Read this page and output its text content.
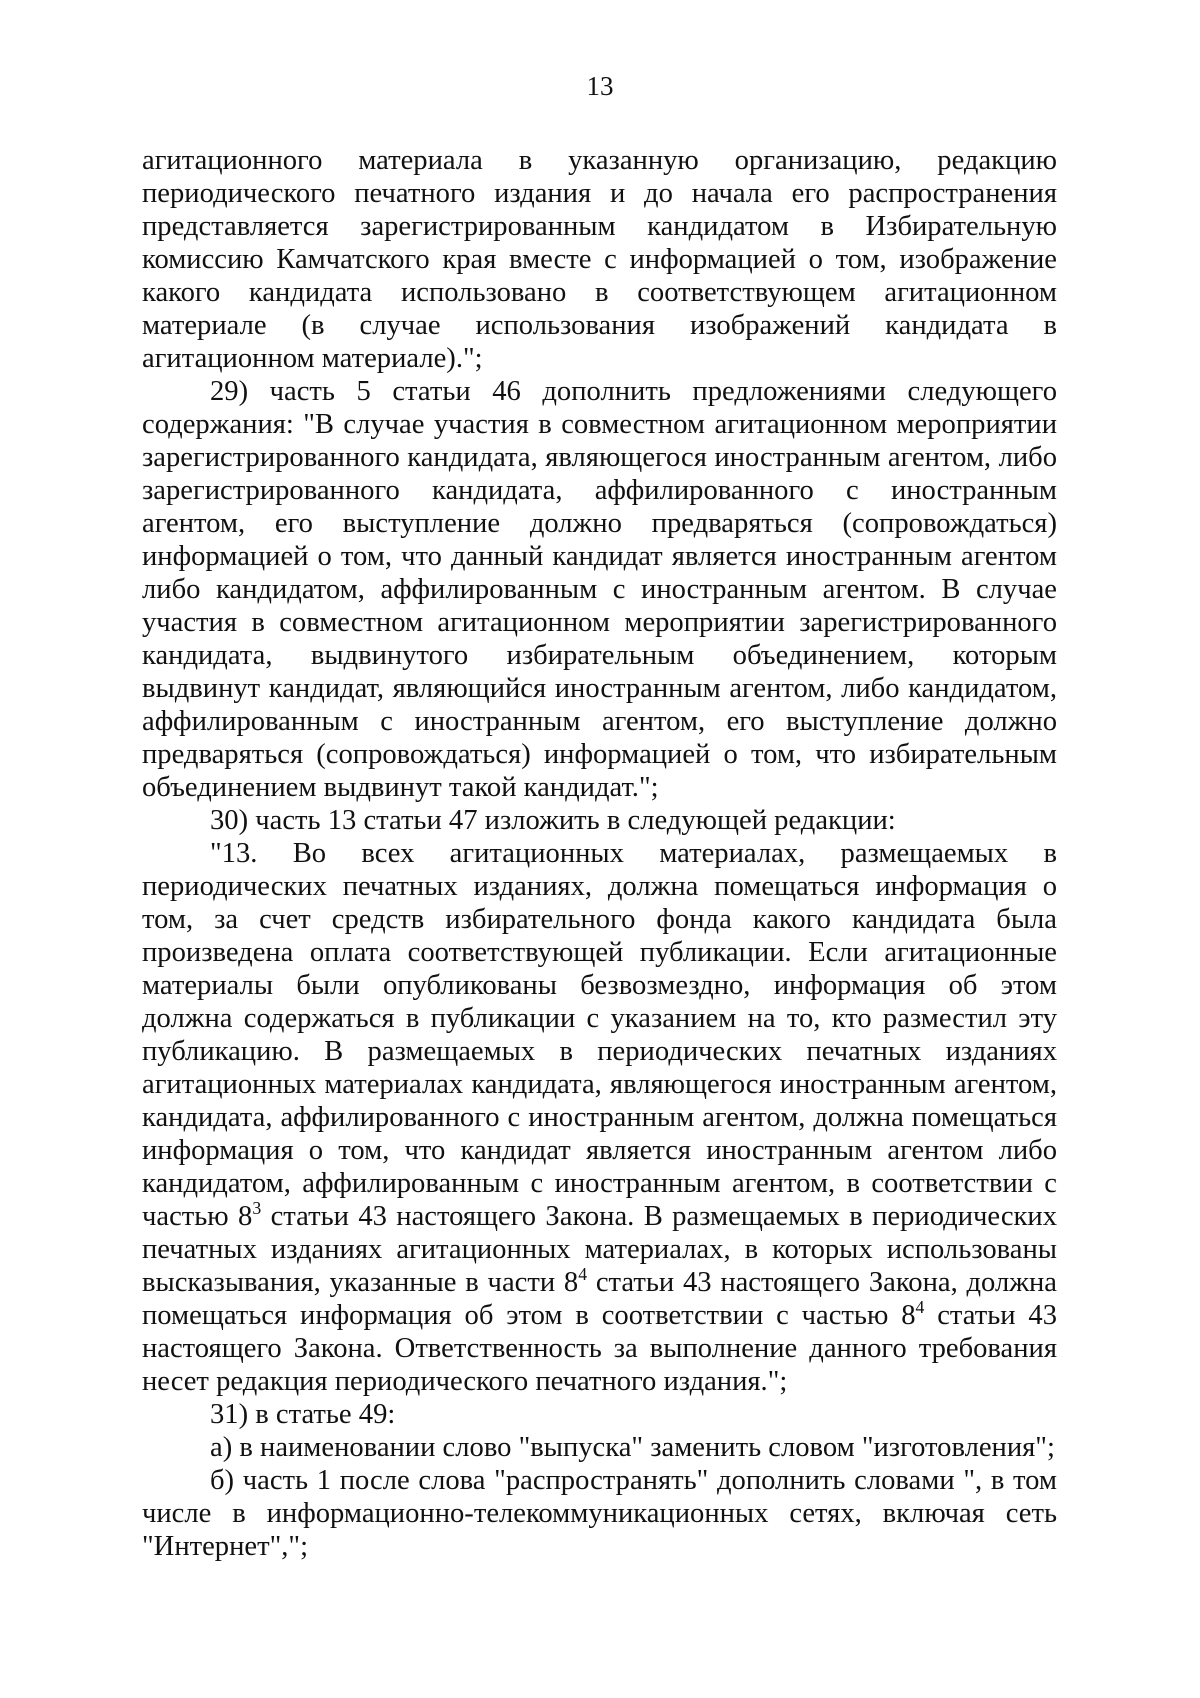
13

агитационного материала в указанную организацию, редакцию периодического печатного издания и до начала его распространения представляется зарегистрированным кандидатом в Избирательную комиссию Камчатского края вместе с информацией о том, изображение какого кандидата использовано в соответствующем агитационном материале (в случае использования изображений кандидата в агитационном материале).";

29) часть 5 статьи 46 дополнить предложениями следующего содержания: "В случае участия в совместном агитационном мероприятии зарегистрированного кандидата, являющегося иностранным агентом, либо зарегистрированного кандидата, аффилированного с иностранным агентом, его выступление должно предваряться (сопровождаться) информацией о том, что данный кандидат является иностранным агентом либо кандидатом, аффилированным с иностранным агентом. В случае участия в совместном агитационном мероприятии зарегистрированного кандидата, выдвинутого избирательным объединением, которым выдвинут кандидат, являющийся иностранным агентом, либо кандидатом, аффилированным с иностранным агентом, его выступление должно предваряться (сопровождаться) информацией о том, что избирательным объединением выдвинут такой кандидат.";

30) часть 13 статьи 47 изложить в следующей редакции:

"13. Во всех агитационных материалах, размещаемых в периодических печатных изданиях, должна помещаться информация о том, за счет средств избирательного фонда какого кандидата была произведена оплата соответствующей публикации. Если агитационные материалы были опубликованы безвозмездно, информация об этом должна содержаться в публикации с указанием на то, кто разместил эту публикацию. В размещаемых в периодических печатных изданиях агитационных материалах кандидата, являющегося иностранным агентом, кандидата, аффилированного с иностранным агентом, должна помещаться информация о том, что кандидат является иностранным агентом либо кандидатом, аффилированным с иностранным агентом, в соответствии с частью $8^3$ статьи 43 настоящего Закона. В размещаемых в периодических печатных изданиях агитационных материалах, в которых использованы высказывания, указанные в части $8^4$ статьи 43 настоящего Закона, должна помещаться информация об этом в соответствии с частью $8^4$ статьи 43 настоящего Закона. Ответственность за выполнение данного требования несет редакция периодического печатного издания.";

31) в статье 49:

а) в наименовании слово "выпуска" заменить словом "изготовления";

б) часть 1 после слова "распространять" дополнить словами ", в том числе в информационно-телекоммуникационных сетях, включая сеть "Интернет",";
